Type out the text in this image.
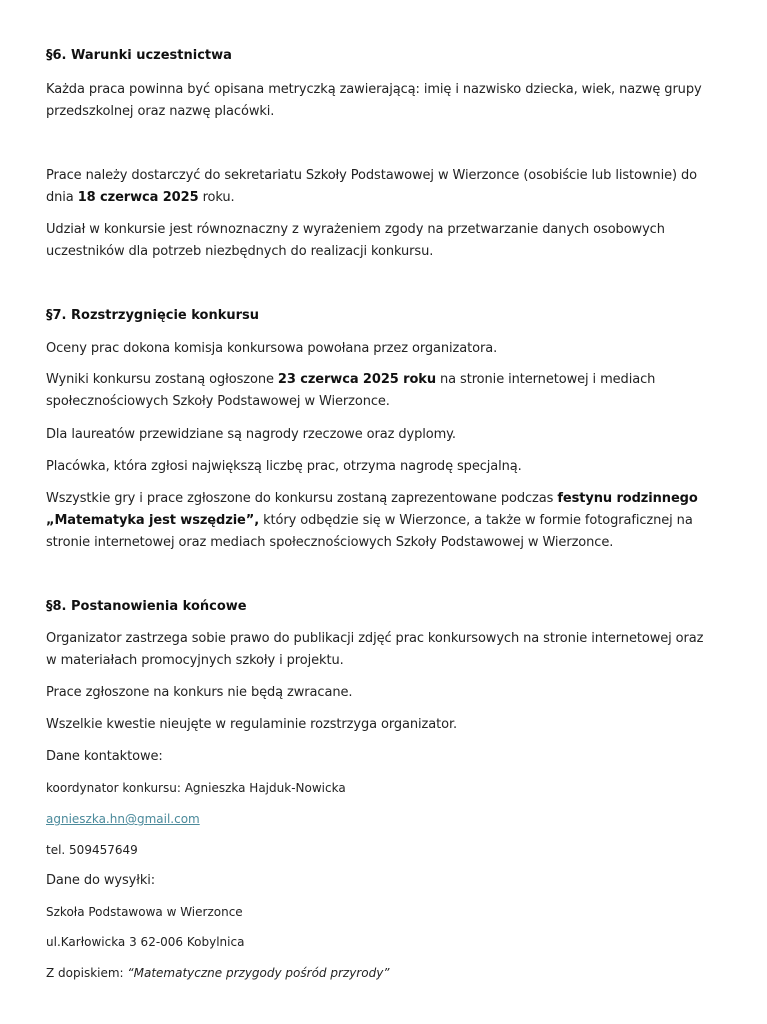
§6. Warunki uczestnictwa
Każda praca powinna być opisana metryczką zawierającą: imię i nazwisko dziecka, wiek, nazwę grupy
przedszkolnej oraz nazwę placówki.
Prace należy dostarczyć do sekretariatu Szkoły Podstawowej w Wierzonce (osobiście lub listownie) do
dnia 18 czerwca 2025 roku.
Udział w konkursie jest równoznaczny z wyrażeniem zgody na przetwarzanie danych osobowych
uczestników dla potrzeb niezbędnych do realizacji konkursu.
§7. Rozstrzygnięcie konkursu
Oceny prac dokona komisja konkursowa powołana przez organizatora.
Wyniki konkursu zostaną ogłoszone 23 czerwca 2025 roku na stronie internetowej i mediach
społecznościowych Szkoły Podstawowej w Wierzonce.
Dla laureatów przewidziane są nagrody rzeczowe oraz dyplomy.
Placówka, która zgłosi największą liczbę prac, otrzyma nagrodę specjalną.
Wszystkie gry i prace zgłoszone do konkursu zostaną zaprezentowane podczas festynu rodzinnego
„Matematyka jest wszędzie”, który odbędzie się w Wierzonce, a także w formie fotograficznej na
stronie internetowej oraz mediach społecznościowych Szkoły Podstawowej w Wierzonce.
§8. Postanowienia końcowe
Organizator zastrzega sobie prawo do publikacji zdjęć prac konkursowych na stronie internetowej oraz
w materiałach promocyjnych szkoły i projektu.
Prace zgłoszone na konkurs nie będą zwracane.
Wszelkie kwestie nieujęte w regulaminie rozstrzyga organizator.
Dane kontaktowe:
koordynator konkursu: Agnieszka Hajduk-Nowicka
agnieszka.hn@gmail.com
tel. 509457649
Dane do wysyłki:
Szkoła Podstawowa w Wierzonce
ul.Karłowicka 3 62-006 Kobylnica
Z dopiskiem: “Matematyczne przygody pośród przyrody”
